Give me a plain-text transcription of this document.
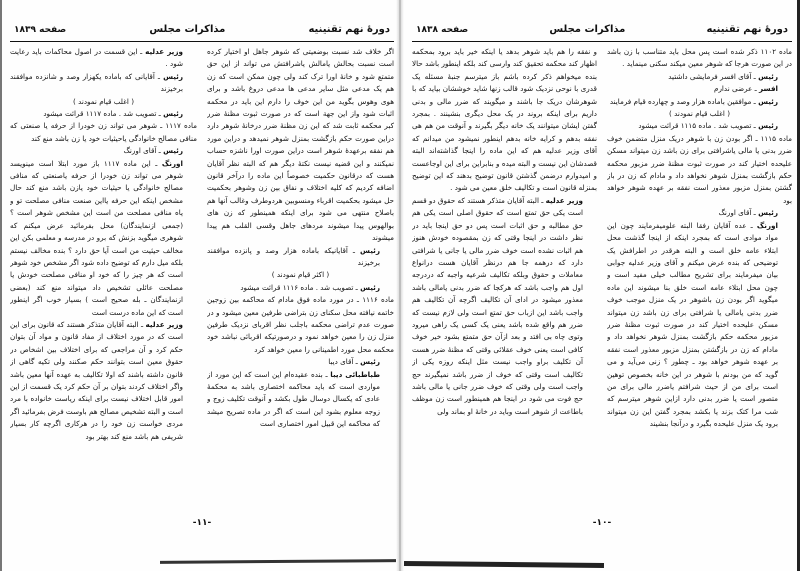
دورهٔ نهم تقنینیه
مذاکرات مجلس
صفحه ۱۸۳۹

اگر خلاف شد نسبت بوضعیتی که شوهر جاهل او اختیار کرده است نسبت بحالش یامالش یاشرافتش می تواند از این حق متمتع شود و خانهٔ اورا ترک کند ولی چون ممکن است که زن هم یک مدعی مثل سایر مدعی ها مدعی دروغ باشد و برای هوی وهوس بگوید من این خوف را دارم این باید در محکمه اثبات شود واز این جهة است که در صورت ثبوت مظنهٔ ضرر کبر محکمه ثابت شد که این زن مظنهٔ ضرر درخانهٔ شوهر دارد دراین صورت حکم بازگشت بمنزل شوهر نمیدهد و دراین مورد هم نفقه برعهدهٔ شوهر است دراین صورت اورا ناشزه حساب نمیکنند و این قضیه نیست نکتهٔ دیگر هم که البته نظر آقایان هست که درقانون حکمیت خصوصاً این ماده را درآخر قانون اضافه کردیم که کلیه اختلاف و نفاق بین زن وشوهر بحکمیت حل میشود بحکمیت اقرباء ومنسوبین هردوطرف وغالب آنها هم باصلاح منتهی می شود برای اینکه همینطور که زن های بوالهوس پیدا میشوند مردهای جاهل وقسی القلب هم پیدا میشوند

رئیس ـ آقایانیکه باماده هزار وصد و پانزده موافقند برخیزند

( اکثر قیام نمودند )

رئیس ـ تصویب شد . ماده ۱۱۱۶ قرائت میشود

ماده ۱۱۱۶ ـ در مورد ماده فوق مادام که محاکمه بین زوجین خاتمه نیافته محل سکنای زن بتراضی طرفین معین میشود و در صورت عدم تراضی محکمه باجلب نظر اقربای نزدیک طرفین منزل زن را معین خواهد نمود و درصورتیکه اقربائی نباشد خود محکمه محل مورد اطمینانی را معین خواهد کرد

رئیس ـ آقای دیبا

طباطبائی دیبا ـ بنده عقیده‌ام این است که این مورد از مواردی است که باید محاکمه اختصاری باشد به محکمهٔ عادی که یکسال دوسال طول بکشد و آنوقت تکلیف زوج و زوجه معلوم بشود این است که اگر در ماده تصریح میشد که محاکمه این قبیل امور اختصاری است

وزیر عدلیه ـ این قسمت در اصول محاکمات باید رعایت شود .

رئیس ـ آقایانی که باماده یکهزار وصد و شانزده موافقند برخیزند

( اغلب قیام نمودند )

رئیس ـ تصویب شد . ماده ۱۱۱۷ قرائت میشود

ماده ۱۱۱۷ ـ شوهر می تواند زن خودرا از حرفه یا صنعتی که منافی مصالح خانوادگی یاحیثیات خود یا زن باشد منع کند

رئیس ـ آقای اورنگ

اورنگ ـ این ماده ۱۱۱۷ باز مورد ابتلا است مینویسد شوهر می تواند زن خودرا از حرفه یاصنعتی که منافی مصالح خانوادگی یا حیثیات خود یازن باشد منع کند حال مشخص اینکه این حرفه یااین صنعت منافی مصلحت تو و یاه منافی مصلحت من است این مشخص شوهر است ؟ (جمعی ازنمایندگان) محل بفرمائید عرض میکنم که شوهری میگوید بزنش که برو در مدرسه و معلمی بکن این مخالف حیثیت من است آیا حق دارد ؟ بنده مخالف نیستم بلکه میل دارم که توضیح داده شود اگر مشخص خود شوهر است که هر چیز را که خود او منافی مصلحت خودش یا مصلحت عائلی تشخیص داد میتواند منع کند (بعضی ازنمایندگان ـ بله صحیح است ) بسیار خوب اگر اینطور است که این ماده درست است

وزیر عدلیه ـ البته آقایان متذکر هستند که قانون برای این است که در مورد اختلاف از مفاد قانون و مواد آن بتوان حکم کرد و آن مراجعی که برای اختلاف بین اشخاص در حقوق معین است بتوانند حکم صکنند ولی تکیه گاهی از قانون داشته باشند که اولا تکالیف به عهده آنها معین باشد واگر اختلاف کردند بتوان بر آن حکم کرد یک قسمت از این امور قابل اختلاف نیست برای اینکه ریاست خانواده با مرد است و البته تشخیص مصالح هم باوست فرض بفرمائید اگر مردی خواست زن خود را در هرکاری اگرچه کار بسیار شریفی هم باشد منع کند بهتر بود

-۱۱-
دورهٔ نهم تقنینیه
مذاکرات مجلس
صفحه ۱۸۳۸

ماده ۱۱۰۲ ذکر شده است پس محل باید متناسب با زن باشد در این صورت هرجا که شوهر معین میکند سکنی مینماید .

رئیس ـ آقای افسر فرمایشی داشتید

افسر ـ عرضی ندارم

رئیس ـ موافقین باماده هزار وصد و چهارده قیام فرمایند

( اغلب قیام نمودند )

رئیس ـ تصویب شد . ماده ۱۱۱۵ قرائت میشود

ماده ۱۱۱۵ ـ اگر بودن زن با شوهر دریک منزل متضمن خوف ضرر بدنی یا مالی یاشرافتی برای زن باشد زن میتواند مسکن علیحده اختیار کند در صورت ثبوت مظنهٔ ضرر مزبور محکمه حکم بازگشت بمنزل شوهر نخواهد داد و مادام که زن در باز گشتن بمنزل مزبور معذور است نفقه بر عهده شوهر خواهد بود

رئیس ـ آقای اورنگ

اورنگ ـ عده آقایان رفقا البته علومیفرمایند چون این مواد موادی است که بمجرد اینکه از اینجا گذشت محل ابتلاء عامه خلق است و البته هرقدر در اطرافش یک توضیحی که بنده عرض میکنم و آقای وزیر عدلیه جوابی بیان میفرمایند برای تشریح مطالب خیلی مفید است و چون محل ابتلاء عامه است خلق بنا میشوند این ماده میگوید اگر بودن زن باشوهر در یک منزل موجب خوف ضرر بدنی یامالی یا شرافتی برای زن باشد زن میتواند مسکن علیحده اختیار کند در صورت ثبوت مظنهٔ ضرر مزبور محکمه حکم بازگشت بمنزل شوهر نخواهد داد و مادام که زن در بازگشتن بمنزل مزبور معذور است نفقه بر عهده شوهر خواهد بود ـ چطور ؟ زنی می‌آید و می گوید که من بودنم با شوهر در این خانه بخصوص توهین است برای من از حیث شرافتم یاضرر مالی برای من متصور است یا ضرر بدنی دارد ازاین شوهر میترسم که شب مرا کتک بزند یا بکشد بمجرد گفتن این زن میتواند برود یک منزل علیحده بگیرد و درآنجا بنشیند

و نفقه را هم باید شوهر بدهد یا اینکه خیر باید برود بمحکمه اظهار کند محکمه تحقیق کند وارسی کند بلکه اینطور باشد حالا بنده میخواهم ذکر کرده باشم باز میترسم جنبهٔ مسئله یک قدری با نوحی نزدیک شود قالب زنها شاید خوششان بیاید که با شوهرشان دریک جا باشند و میگویند که ضرر مالی و بدنی داریم برای اینکه بروند در یک محل دیگری بنشینند . بمجرد گفتن ایشان میتوانند یک خانه دیگر بگیرند و آنوقت من هم هی نفقه بدهم و کرایه خانه بدهم اینطور نمیشود من میدانم که آقای وزیر عدلیه هم که این ماده را اینجا گذاشته‌اند البته قصدشان این نیست و البته میده و بنابراین برای این اوجاعست و امیدوارم درضمن گذشتن قانون توضیح بدهند که این توضیح بمنزله قانون است و تکالیف خلق معین می شود .

وزیر عدلیه ـ البته آقایان متذکر هستند که حقوق دو قسم است یکی حق تمتع است که حقوق اصلی است یکی هم حق مطالبه و حق اثبات است پس دو حق اینجا باید در نظر داشت در اینجا وقتی که زن بمقصوده خودش هنوز هم اثبات نشده است خوف ضرر مالی یا جانی یا شرافتی دارد که درهمه جا هم درنظر آقایان هست درانواع معاملات و حقوق وبلکه تکالیف شرعیه واجبه که دردرجه اول هم واجب باشد که هرکجا که ضرر بدنی یامالی باشد معذور میشود در ادای آن تکالیف اگرچه آن تکالیف هم واجب باشد این ازباب حق تمتع است ولی لازم نیست که ضرر هم واقع شده باشد یعنی یک کسی یک راهی میرود وتوی چاه بی افتد و بعد ازآن حق متمتع بشود خیر خوف کافی است یعنی خوف عقلائی وقتی که مظنهٔ ضرر هست آن تکلیف براو واجب نیست مثل اینکه روزه یکی از تکالیف است وقتی که خوف از ضرر باشد نمیگیرند حج واجب است ولی وقتی که خوف ضرر جانی یا مالی باشد حج فوت می شود در اینجا هم همینطور است زن موظف باطاعت از شوهر است وباید در خانهٔ او بماند ولی

-۱۰-
